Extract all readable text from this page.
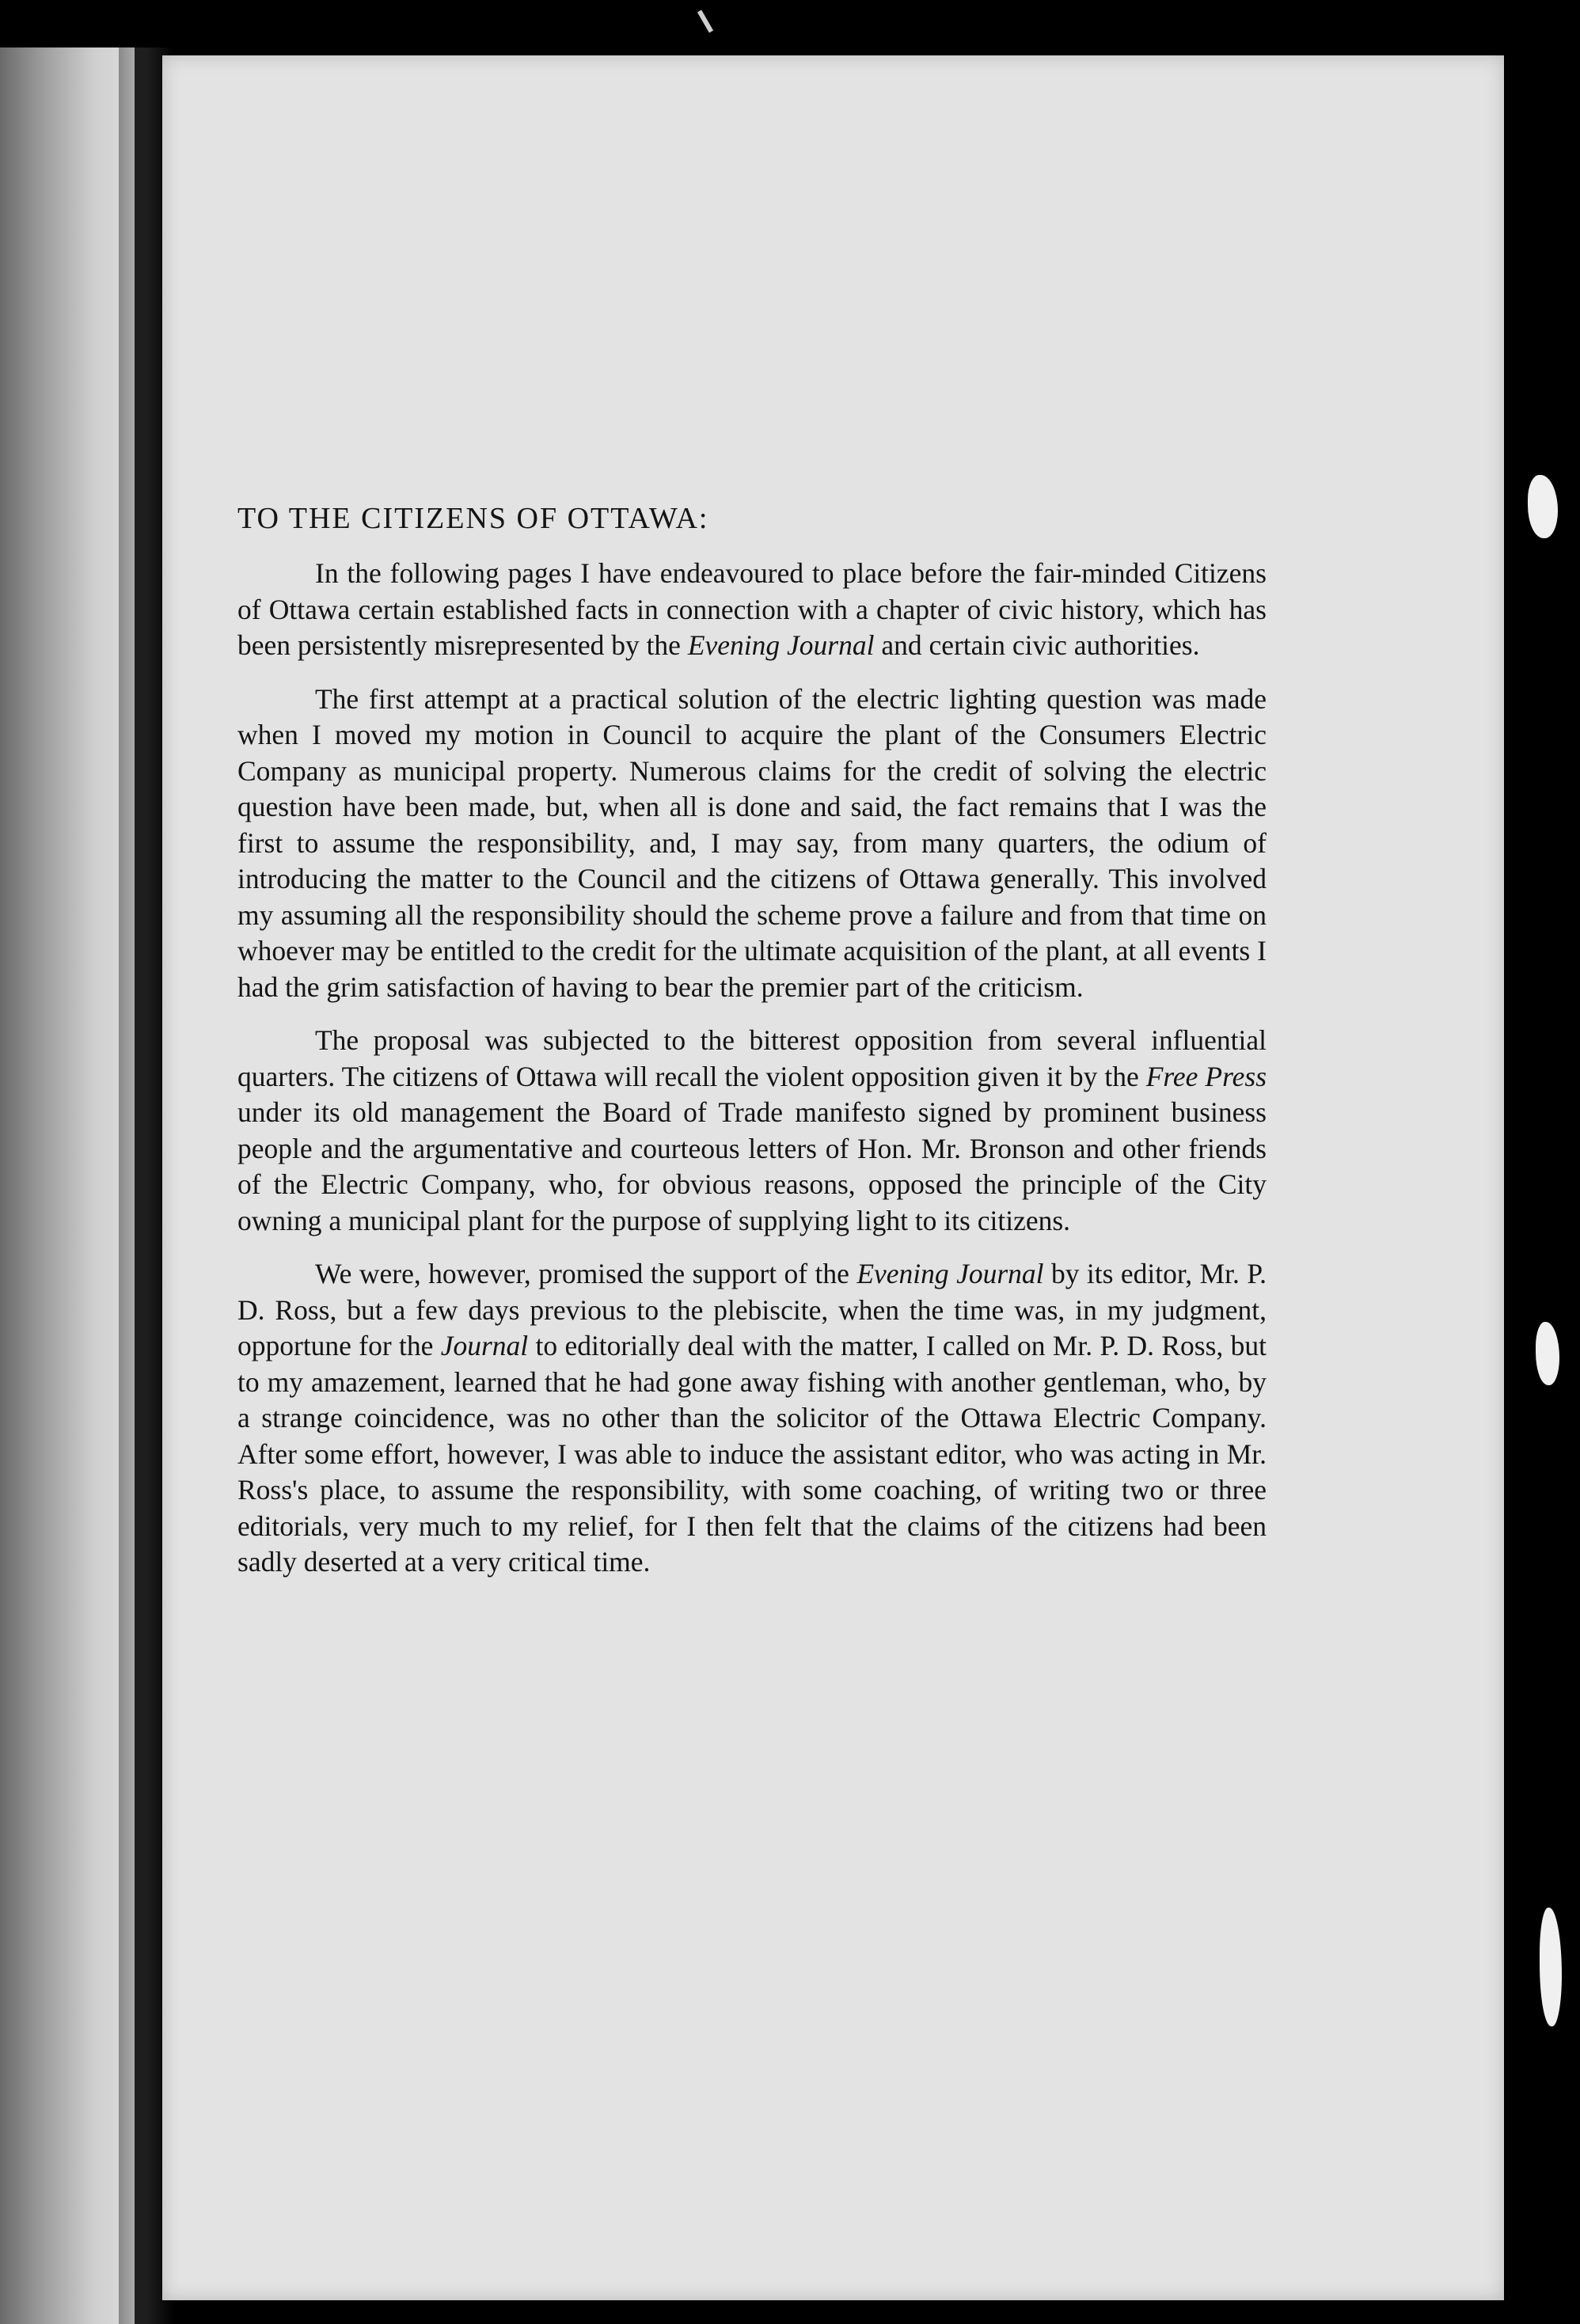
TO THE CITIZENS OF OTTAWA:

In the following pages I have endeavoured to place before the fair-minded Citizens of Ottawa certain established facts in connection with a chapter of civic history, which has been persistently misrepresented by the Evening Journal and certain civic authorities.

The first attempt at a practical solution of the electric lighting question was made when I moved my motion in Council to acquire the plant of the Consumers Electric Company as municipal property. Numerous claims for the credit of solving the electric question have been made, but, when all is done and said, the fact remains that I was the first to assume the responsibility, and, I may say, from many quarters, the odium of introducing the matter to the Council and the citizens of Ottawa generally. This involved my assuming all the responsibility should the scheme prove a failure and from that time on whoever may be entitled to the credit for the ultimate acquisition of the plant, at all events I had the grim satisfaction of having to bear the premier part of the criticism.

The proposal was subjected to the bitterest opposition from several influential quarters. The citizens of Ottawa will recall the violent opposition given it by the Free Press under its old management the Board of Trade manifesto signed by prominent business people and the argumentative and courteous letters of Hon. Mr. Bronson and other friends of the Electric Company, who, for obvious reasons, opposed the principle of the City owning a municipal plant for the purpose of supplying light to its citizens.

We were, however, promised the support of the Evening Journal by its editor, Mr. P. D. Ross, but a few days previous to the plebiscite, when the time was, in my judgment, opportune for the Journal to editorially deal with the matter, I called on Mr. P. D. Ross, but to my amazement, learned that he had gone away fishing with another gentleman, who, by a strange coincidence, was no other than the solicitor of the Ottawa Electric Company. After some effort, however, I was able to induce the assistant editor, who was acting in Mr. Ross's place, to assume the responsibility, with some coaching, of writing two or three editorials, very much to my relief, for I then felt that the claims of the citizens had been sadly deserted at a very critical time.
